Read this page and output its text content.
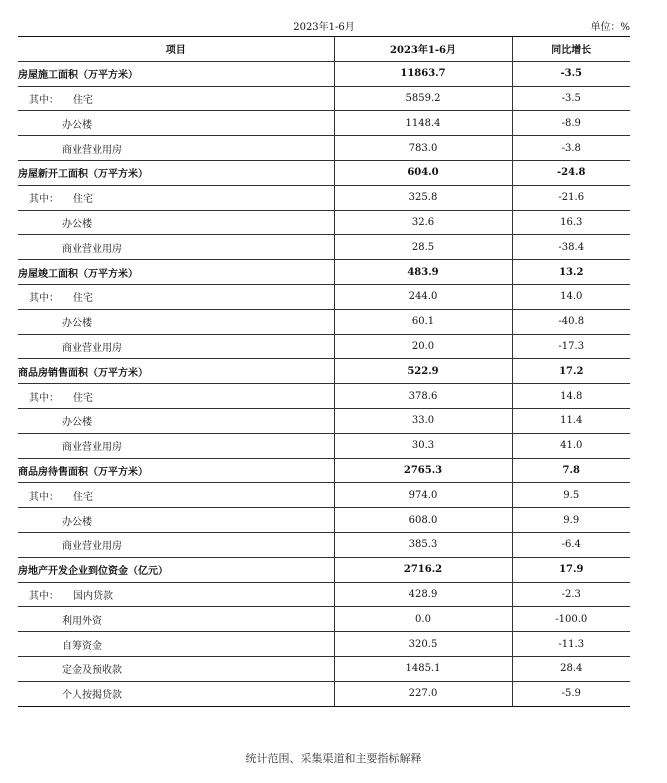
2023年1-6月	单位：%
项目	2023年1-6月	同比增长
房屋施工面积（万平方米）	11863.7	-3.5
其中： 住宅	5859.2	-3.5
办公楼	1148.4	-8.9
商业营业用房	783.0	-3.8
房屋新开工面积（万平方米）	604.0	-24.8
其中： 住宅	325.8	-21.6
办公楼	32.6	16.3
商业营业用房	28.5	-38.4
房屋竣工面积（万平方米）	483.9	13.2
其中： 住宅	244.0	14.0
办公楼	60.1	-40.8
商业营业用房	20.0	-17.3
商品房销售面积（万平方米）	522.9	17.2
其中： 住宅	378.6	14.8
办公楼	33.0	11.4
商业营业用房	30.3	41.0
商品房待售面积（万平方米）	2765.3	7.8
其中： 住宅	974.0	9.5
办公楼	608.0	9.9
商业营业用房	385.3	-6.4
房地产开发企业到位资金（亿元）	2716.2	17.9
其中： 国内贷款	428.9	-2.3
利用外资	0.0	-100.0
自筹资金	320.5	-11.3
定金及预收款	1485.1	28.4
个人按揭贷款	227.0	-5.9
统计范围、采集渠道和主要指标解释
